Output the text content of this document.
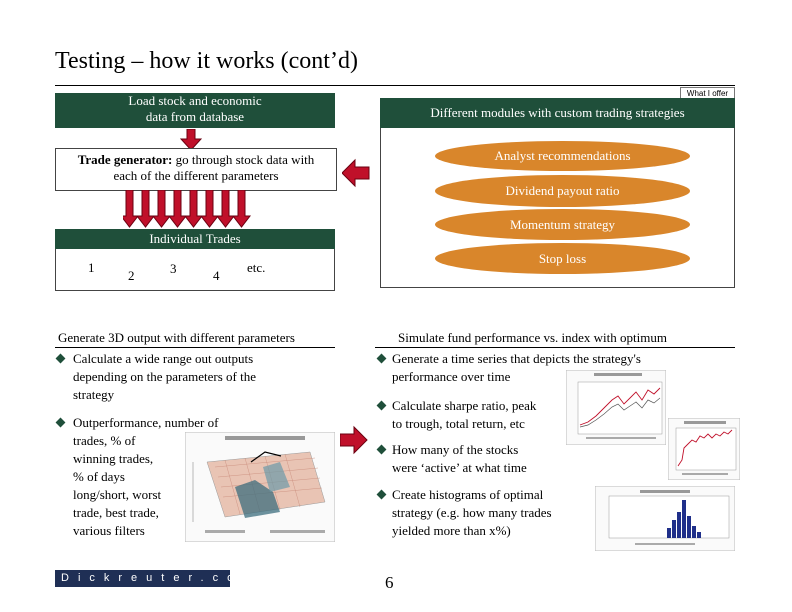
Testing – how it works (cont’d)
What I offer
Load stock and economic
data from database
Trade generator: go through stock data with
each of the different parameters
Individual Trades
1
2	3	4
etc.
Different modules with custom trading strategies
Analyst recommendations
Dividend payout ratio
Momentum strategy
Stop loss
Generate 3D output with different parameters
Calculate a wide range out outputs
depending on the parameters of the
strategy
Outperformance, number of
trades, % of
winning trades,
% of days
long/short, worst
trade, best trade,
various filters
Simulate fund performance vs. index with optimum
Generate a time series that depicts the strategy's
performance over time
Calculate sharpe ratio, peak
to trough, total return, etc
How many of the stocks
were ‘active’ at what time
Create histograms of optimal
strategy (e.g. how many trades
yielded more than x%)
Dickreuter.com	6
